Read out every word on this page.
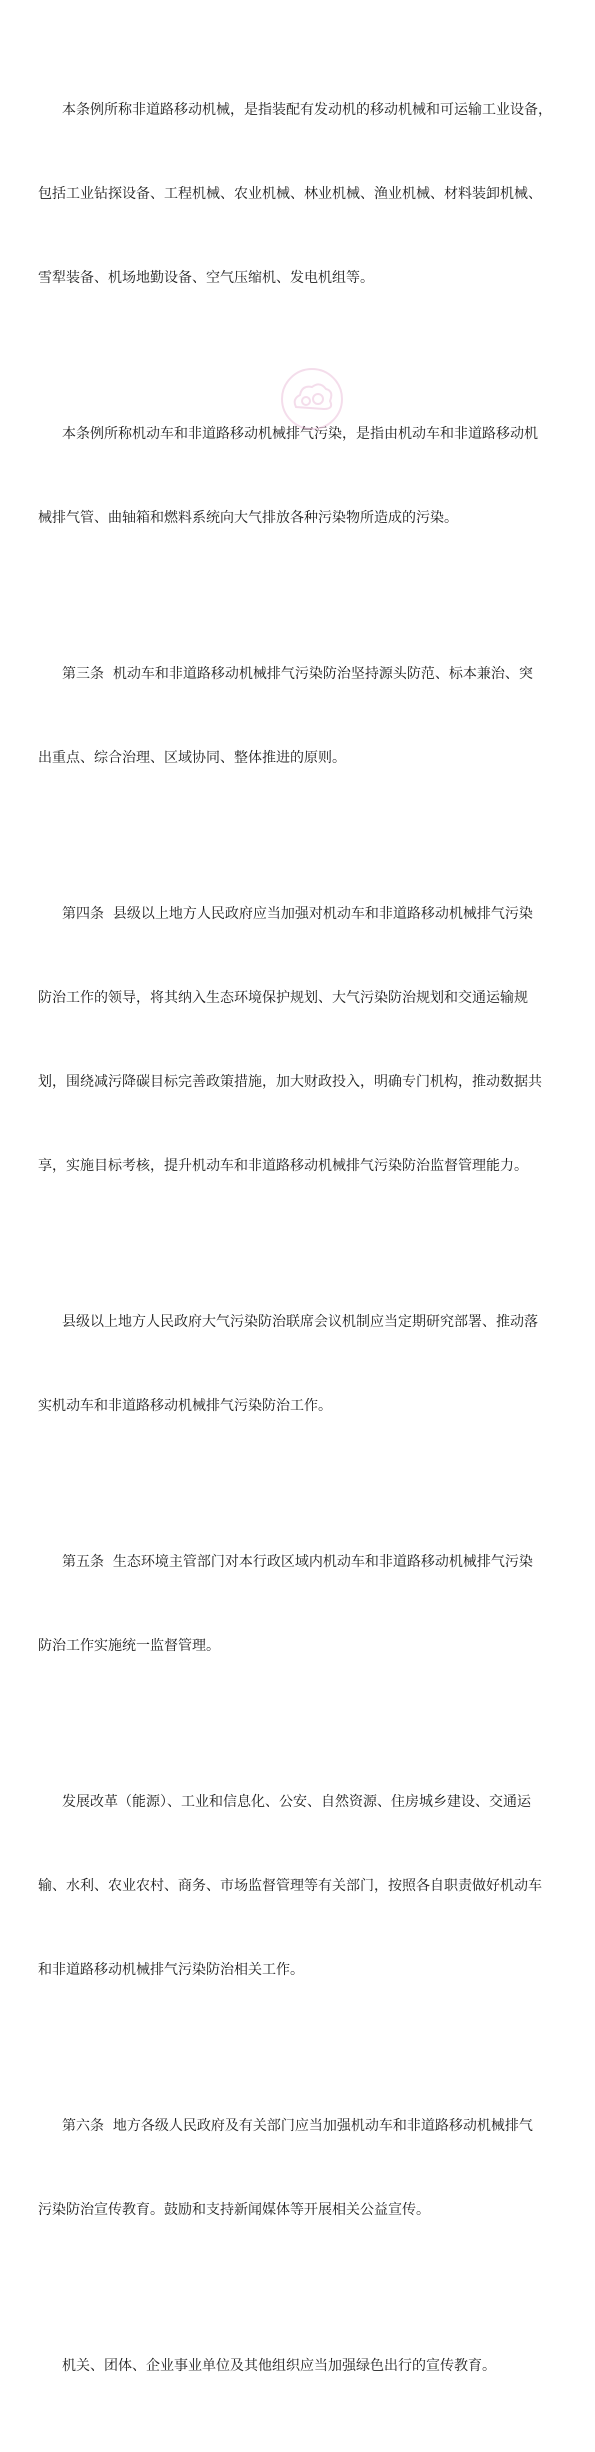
本条例所称非道路移动机械，是指装配有发动机的移动机械和可运输工业设备，

包括工业钻探设备、工程机械、农业机械、林业机械、渔业机械、材料装卸机械、

雪犁装备、机场地勤设备、空气压缩机、发电机组等。

本条例所称机动车和非道路移动机械排气污染，是指由机动车和非道路移动机

械排气管、曲轴箱和燃料系统向大气排放各种污染物所造成的污染。

第三条  机动车和非道路移动机械排气污染防治坚持源头防范、标本兼治、突

出重点、综合治理、区域协同、整体推进的原则。

第四条  县级以上地方人民政府应当加强对机动车和非道路移动机械排气污染

防治工作的领导，将其纳入生态环境保护规划、大气污染防治规划和交通运输规

划，围绕减污降碳目标完善政策措施，加大财政投入，明确专门机构，推动数据共

享，实施目标考核，提升机动车和非道路移动机械排气污染防治监督管理能力。

县级以上地方人民政府大气污染防治联席会议机制应当定期研究部署、推动落

实机动车和非道路移动机械排气污染防治工作。

第五条  生态环境主管部门对本行政区域内机动车和非道路移动机械排气污染

防治工作实施统一监督管理。

发展改革（能源）、工业和信息化、公安、自然资源、住房城乡建设、交通运

输、水利、农业农村、商务、市场监督管理等有关部门，按照各自职责做好机动车

和非道路移动机械排气污染防治相关工作。

第六条  地方各级人民政府及有关部门应当加强机动车和非道路移动机械排气

污染防治宣传教育。鼓励和支持新闻媒体等开展相关公益宣传。

机关、团体、企业事业单位及其他组织应当加强绿色出行的宣传教育。
